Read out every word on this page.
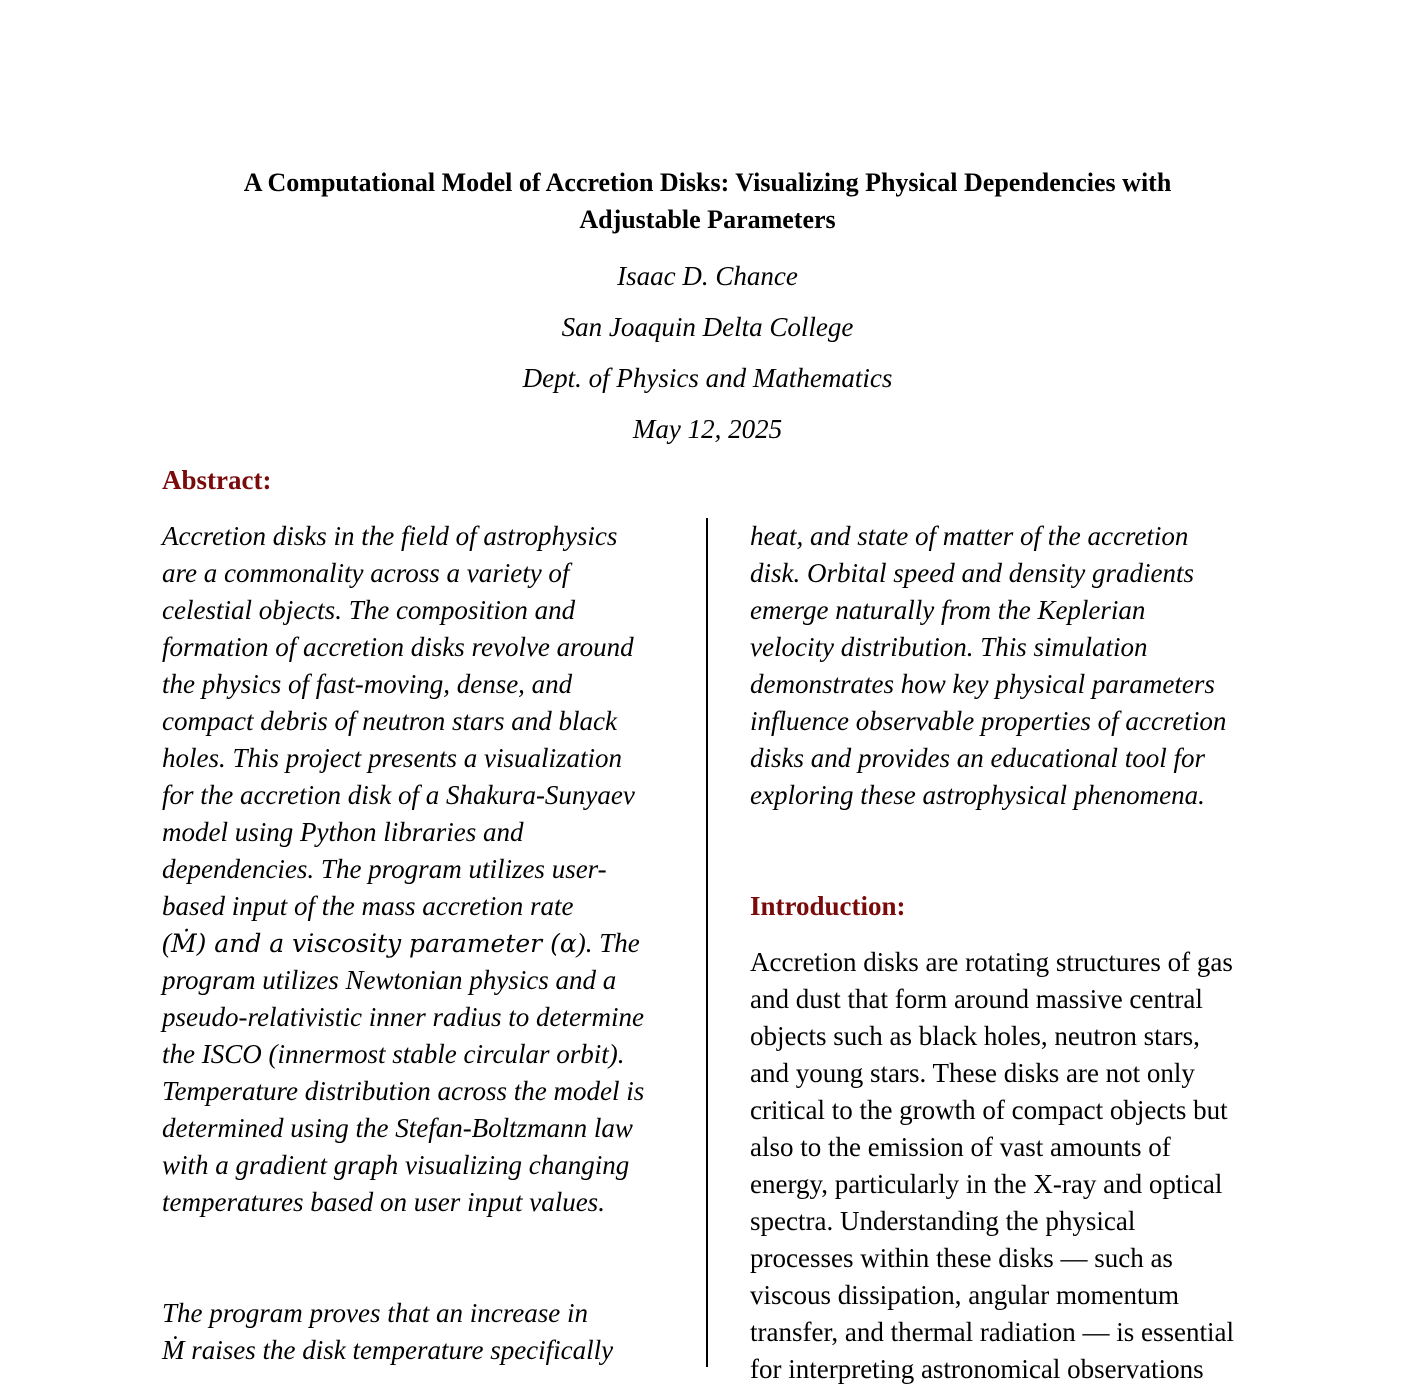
A Computational Model of Accretion Disks: Visualizing Physical Dependencies with
Adjustable Parameters
Isaac D. Chance
San Joaquin Delta College
Dept. of Physics and Mathematics
May 12, 2025
Abstract:
Accretion disks in the field of astrophysics
are a commonality across a variety of
celestial objects. The composition and
formation of accretion disks revolve around
the physics of fast-moving, dense, and
compact debris of neutron stars and black
holes. This project presents a visualization
for the accretion disk of a Shakura-Sunyaev
model using Python libraries and
dependencies. The program utilizes user-
based input of the mass accretion rate
(Ṁ) and a viscosity parameter (α). The
program utilizes Newtonian physics and a
pseudo-relativistic inner radius to determine
the ISCO (innermost stable circular orbit).
Temperature distribution across the model is
determined using the Stefan-Boltzmann law
with a gradient graph visualizing changing
temperatures based on user input values.
The program proves that an increase in
Ṁ raises the disk temperature specifically
heat, and state of matter of the accretion
disk. Orbital speed and density gradients
emerge naturally from the Keplerian
velocity distribution. This simulation
demonstrates how key physical parameters
influence observable properties of accretion
disks and provides an educational tool for
exploring these astrophysical phenomena.
Introduction:
Accretion disks are rotating structures of gas
and dust that form around massive central
objects such as black holes, neutron stars,
and young stars. These disks are not only
critical to the growth of compact objects but
also to the emission of vast amounts of
energy, particularly in the X-ray and optical
spectra. Understanding the physical
processes within these disks — such as
viscous dissipation, angular momentum
transfer, and thermal radiation — is essential
for interpreting astronomical observations
